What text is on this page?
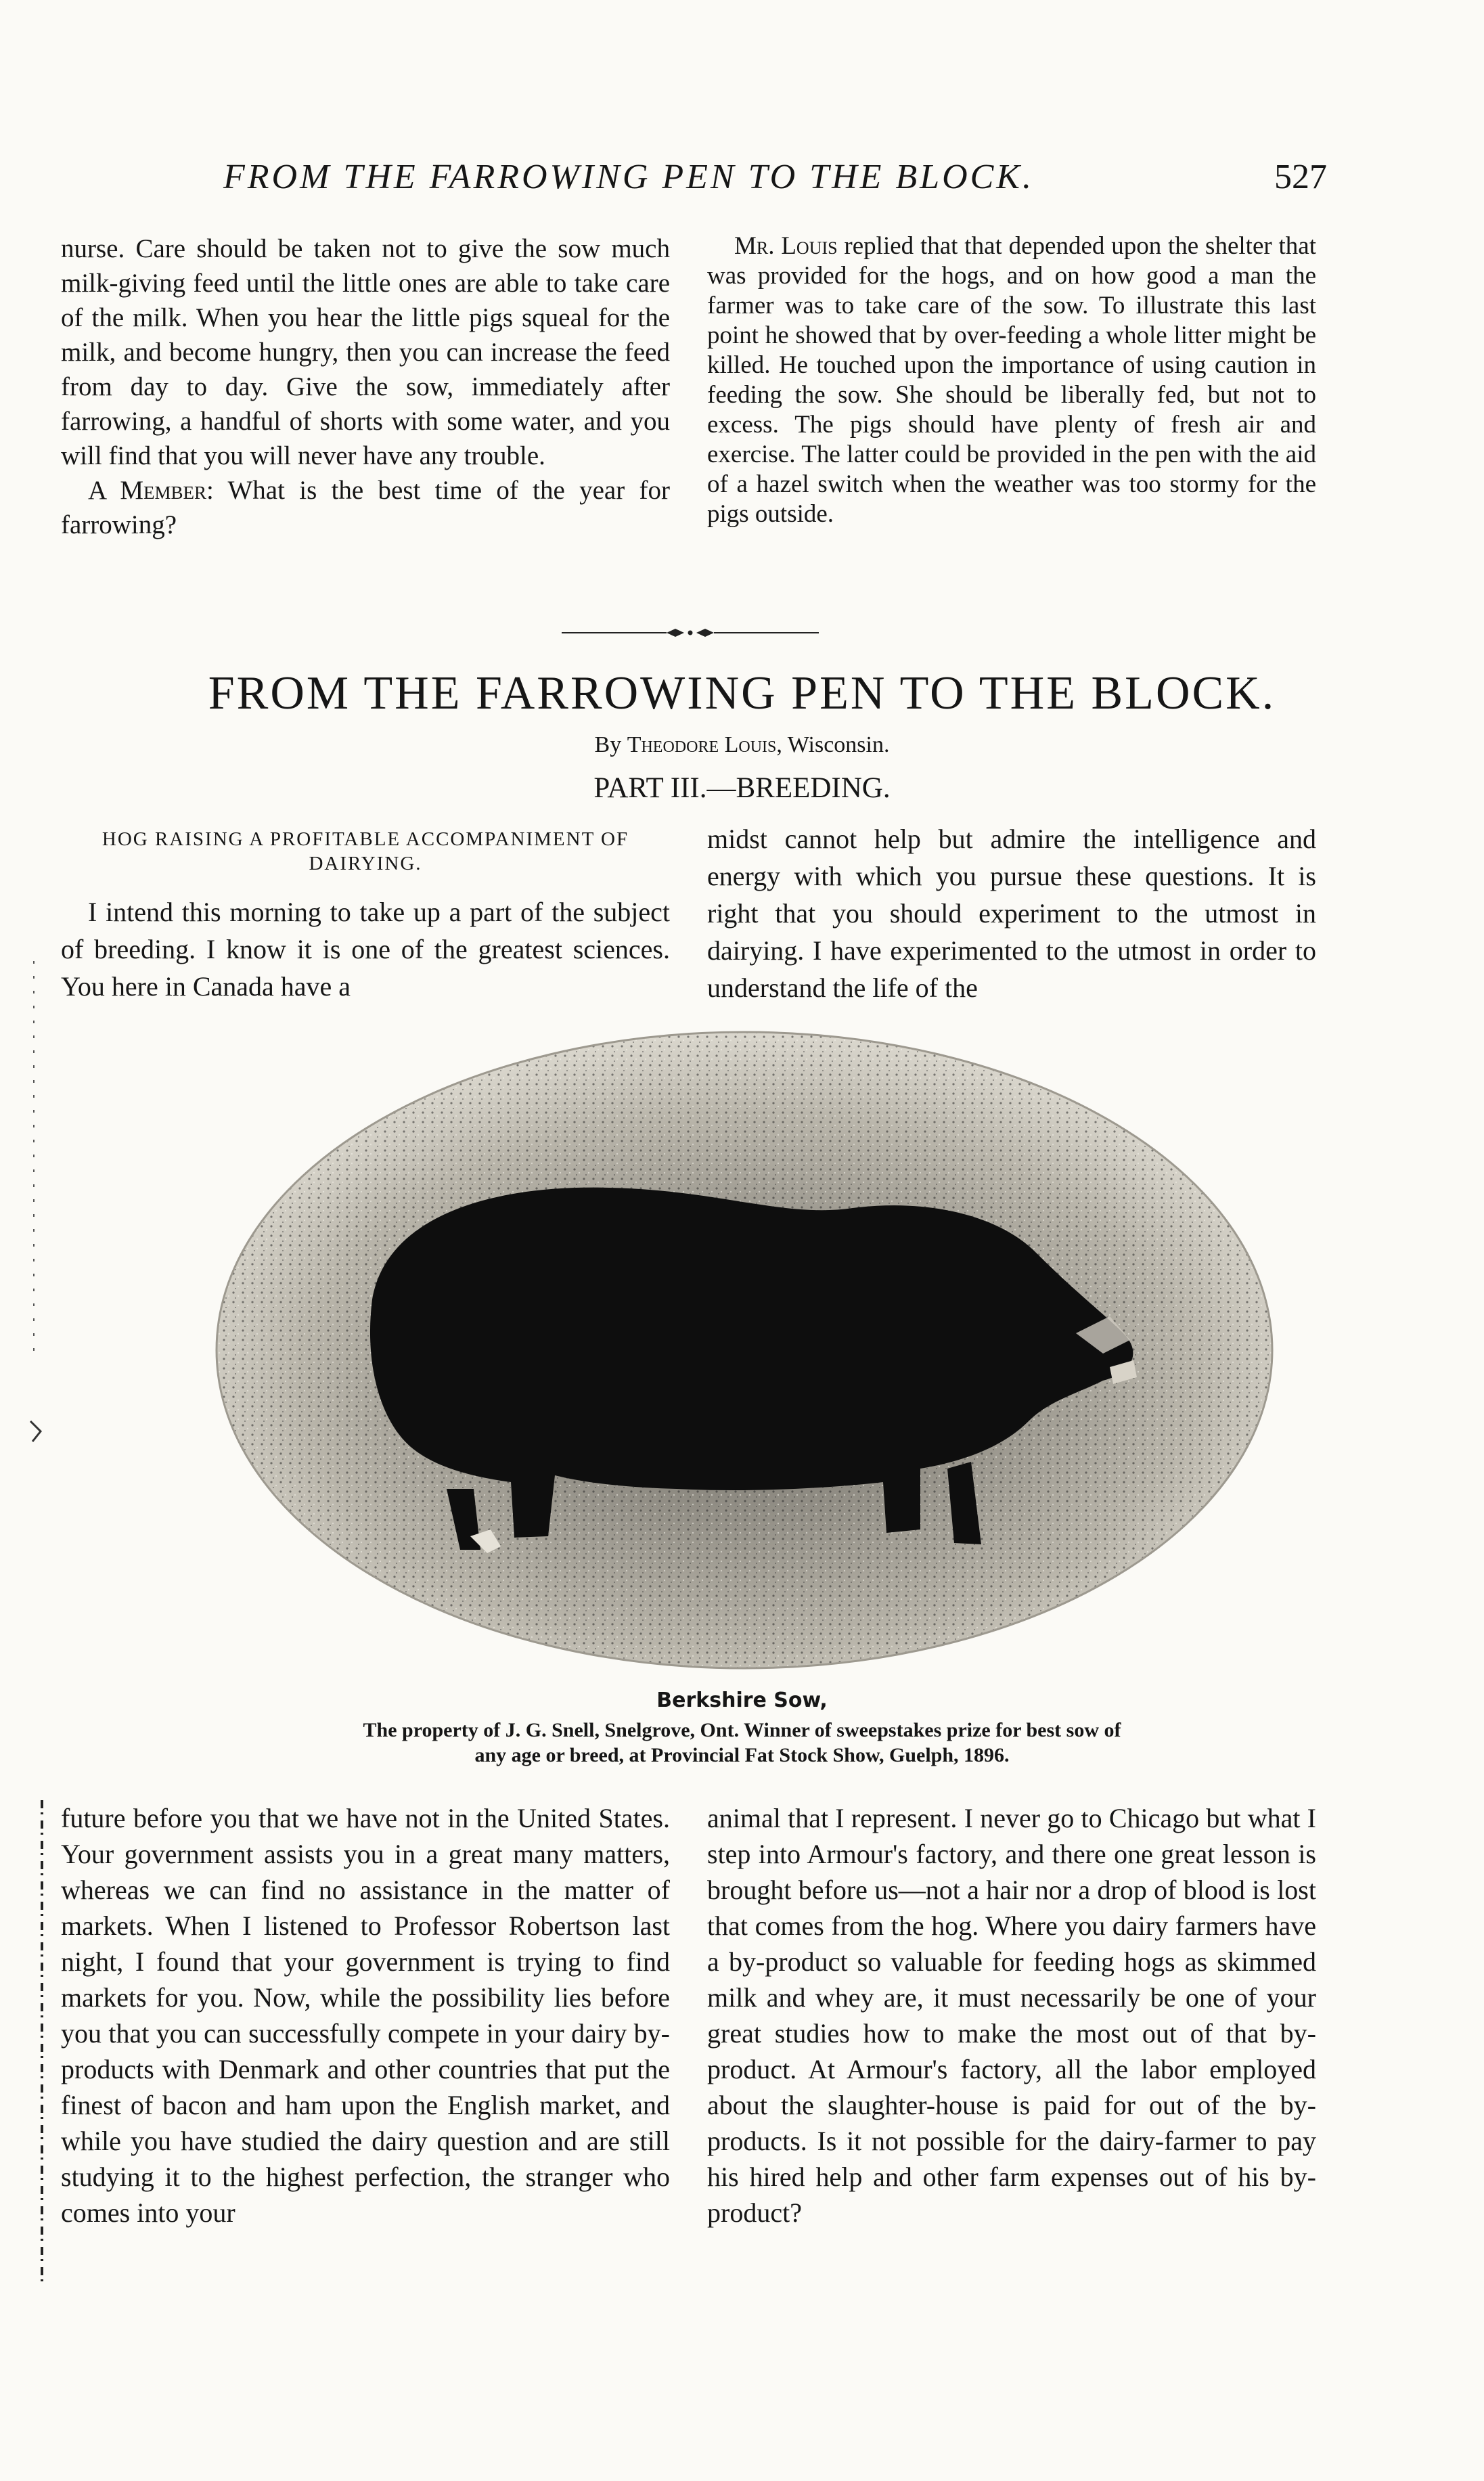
FROM THE FARROWING PEN TO THE BLOCK.	527

nurse. Care should be taken not to give the sow much milk-giving feed until the little ones are able to take care of the milk. When you hear the little pigs squeal for the milk, and become hungry, then you can increase the feed from day to day. Give the sow, immediately after farrowing, a handful of shorts with some water, and you will find that you will never have any trouble.

A Member: What is the best time of the year for farrowing?

Mr. Louis replied that that depended upon the shelter that was provided for the hogs, and on how good a man the farmer was to take care of the sow. To illustrate this last point he showed that by over-feeding a whole litter might be killed. He touched upon the importance of using caution in feeding the sow. She should be liberally fed, but not to excess. The pigs should have plenty of fresh air and exercise. The latter could be provided in the pen with the aid of a hazel switch when the weather was too stormy for the pigs outside.

FROM THE FARROWING PEN TO THE BLOCK.
By Theodore Louis, Wisconsin.
PART III.—BREEDING.
HOG RAISING A PROFITABLE ACCOMPANIMENT OF DAIRYING.

I intend this morning to take up a part of the subject of breeding. I know it is one of the greatest sciences. You here in Canada have a

midst cannot help but admire the intelligence and energy with which you pursue these questions. It is right that you should experiment to the utmost in dairying. I have experimented to the utmost in order to understand the life of the

Berkshire Sow,
The property of J. G. Snell, Snelgrove, Ont. Winner of sweepstakes prize for best sow of
any age or breed, at Provincial Fat Stock Show, Guelph, 1896.

future before you that we have not in the United States. Your government assists you in a great many matters, whereas we can find no assistance in the matter of markets. When I listened to Professor Robertson last night, I found that your government is trying to find markets for you. Now, while the possibility lies before you that you can successfully compete in your dairy by-products with Denmark and other countries that put the finest of bacon and ham upon the English market, and while you have studied the dairy question and are still studying it to the highest perfection, the stranger who comes into your

animal that I represent. I never go to Chicago but what I step into Armour's factory, and there one great lesson is brought before us—not a hair nor a drop of blood is lost that comes from the hog. Where you dairy farmers have a by-product so valuable for feeding hogs as skimmed milk and whey are, it must necessarily be one of your great studies how to make the most out of that by-product. At Armour's factory, all the labor employed about the slaughter-house is paid for out of the by-products. Is it not possible for the dairy-farmer to pay his hired help and other farm expenses out of his by-product?
